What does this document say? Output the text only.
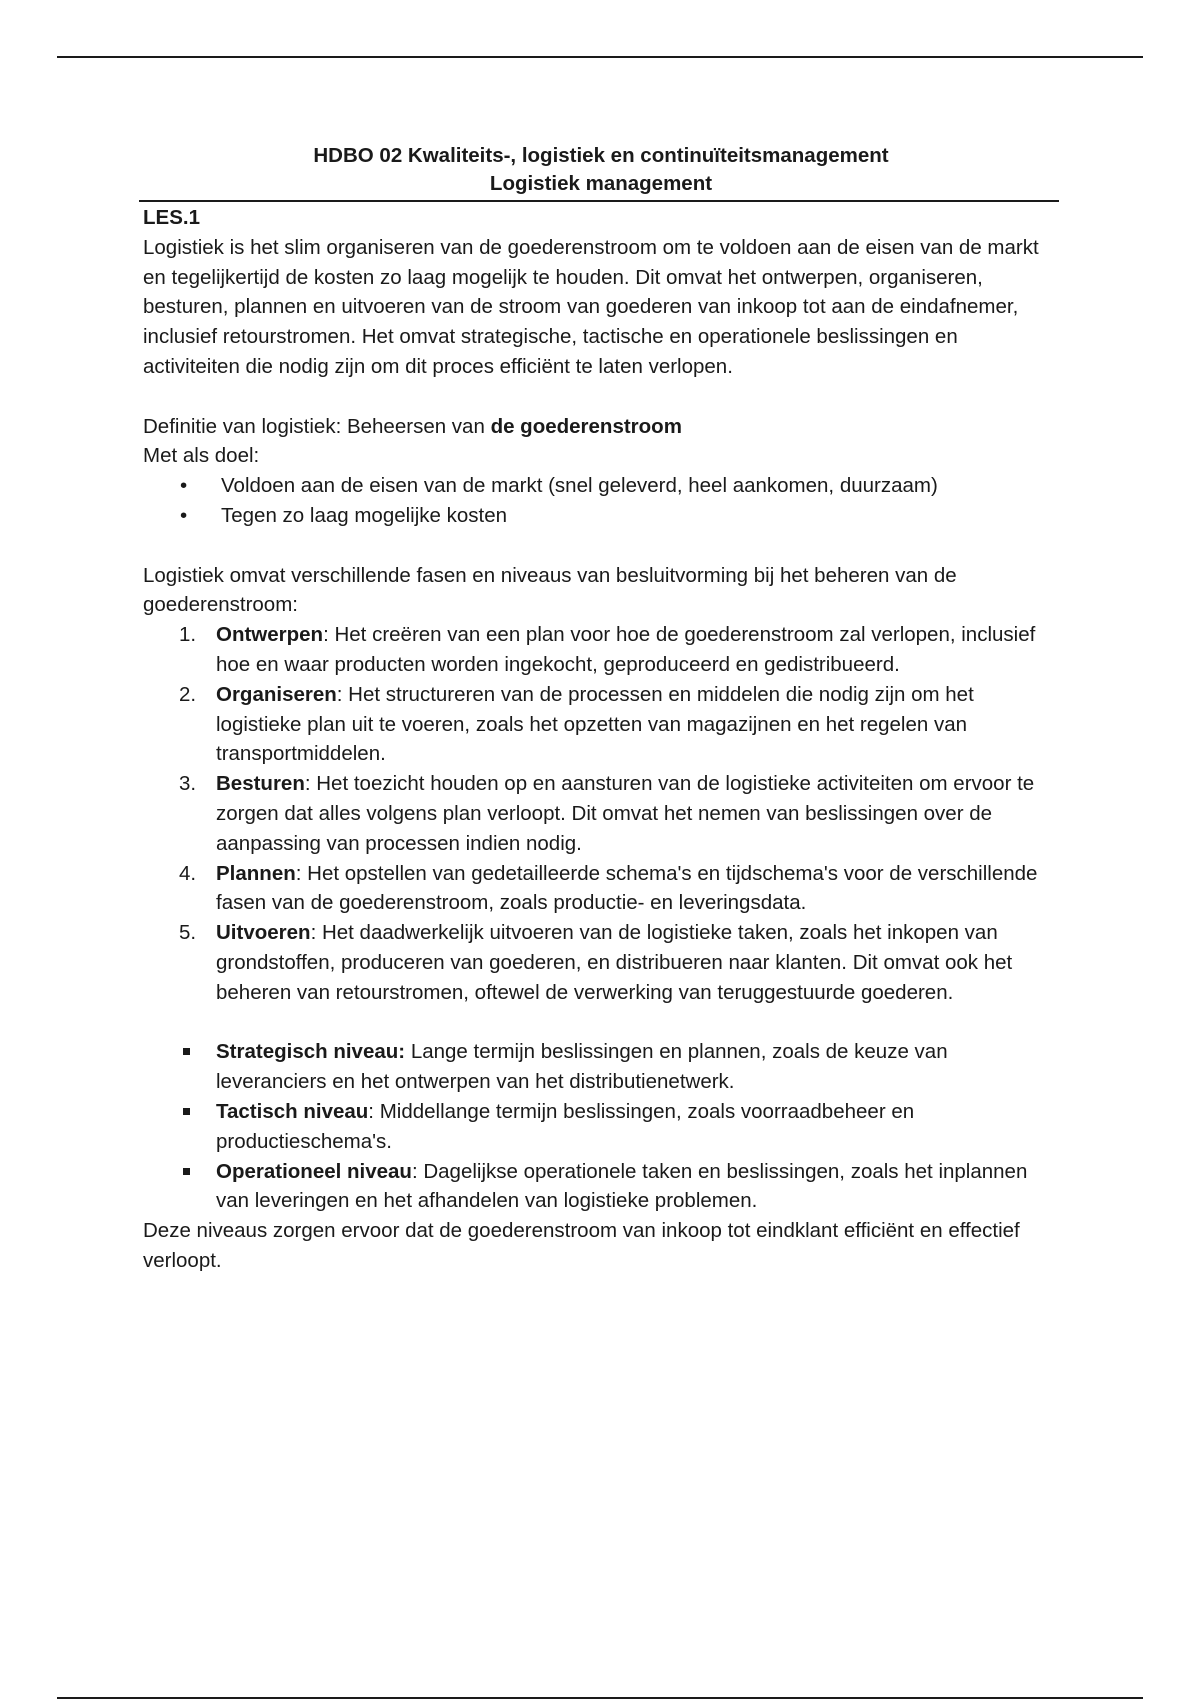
HDBO 02 Kwaliteits-, logistiek en continuïteitsmanagement
Logistiek management
LES.1

Logistiek is het slim organiseren van de goederenstroom om te voldoen aan de eisen van de markt en tegelijkertijd de kosten zo laag mogelijk te houden. Dit omvat het ontwerpen, organiseren, besturen, plannen en uitvoeren van de stroom van goederen van inkoop tot aan de eindafnemer, inclusief retourstromen. Het omvat strategische, tactische en operationele beslissingen en activiteiten die nodig zijn om dit proces efficiënt te laten verlopen.

Definitie van logistiek: Beheersen van de goederenstroom

Met als doel:

• Voldoen aan de eisen van de markt (snel geleverd, heel aankomen, duurzaam)
• Tegen zo laag mogelijke kosten

Logistiek omvat verschillende fasen en niveaus van besluitvorming bij het beheren van de goederenstroom:

1. Ontwerpen: Het creëren van een plan voor hoe de goederenstroom zal verlopen, inclusief hoe en waar producten worden ingekocht, geproduceerd en gedistribueerd.
2. Organiseren: Het structureren van de processen en middelen die nodig zijn om het logistieke plan uit te voeren, zoals het opzetten van magazijnen en het regelen van transportmiddelen.
3. Besturen: Het toezicht houden op en aansturen van de logistieke activiteiten om ervoor te zorgen dat alles volgens plan verloopt. Dit omvat het nemen van beslissingen over de aanpassing van processen indien nodig.
4. Plannen: Het opstellen van gedetailleerde schema's en tijdschema's voor de verschillende fasen van de goederenstroom, zoals productie- en leveringsdata.
5. Uitvoeren: Het daadwerkelijk uitvoeren van de logistieke taken, zoals het inkopen van grondstoffen, produceren van goederen, en distribueren naar klanten. Dit omvat ook het beheren van retourstromen, oftewel de verwerking van teruggestuurde goederen.
Strategisch niveau: Lange termijn beslissingen en plannen, zoals de keuze van leveranciers en het ontwerpen van het distributienetwerk.
Tactisch niveau: Middellange termijn beslissingen, zoals voorraadbeheer en productieschema's.
Operationeel niveau: Dagelijkse operationele taken en beslissingen, zoals het inplannen van leveringen en het afhandelen van logistieke problemen.

Deze niveaus zorgen ervoor dat de goederenstroom van inkoop tot eindklant efficiënt en effectief verloopt.
